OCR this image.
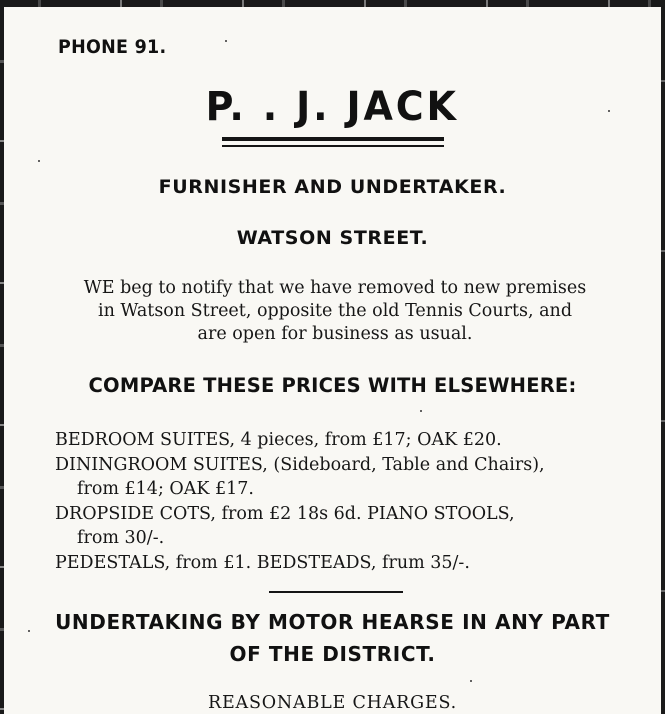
PHONE 91.
P. . J. JACK
FURNISHER AND UNDERTAKER.
WATSON STREET.
WE beg to notify that we have removed to new premises
in Watson Street, opposite the old Tennis Courts, and
are open for business as usual.
COMPARE THESE PRICES WITH ELSEWHERE:
BEDROOM SUITES, 4 pieces, from £17; OAK £20.
DININGROOM SUITES, (Sideboard, Table and Chairs),
from £14; OAK £17.
DROPSIDE COTS, from £2 18s 6d. PIANO STOOLS,
from 30/-.
PEDESTALS, from £1. BEDSTEADS, frum 35/-.
UNDERTAKING BY MOTOR HEARSE IN ANY PART
OF THE DISTRICT.
REASONABLE CHARGES.
